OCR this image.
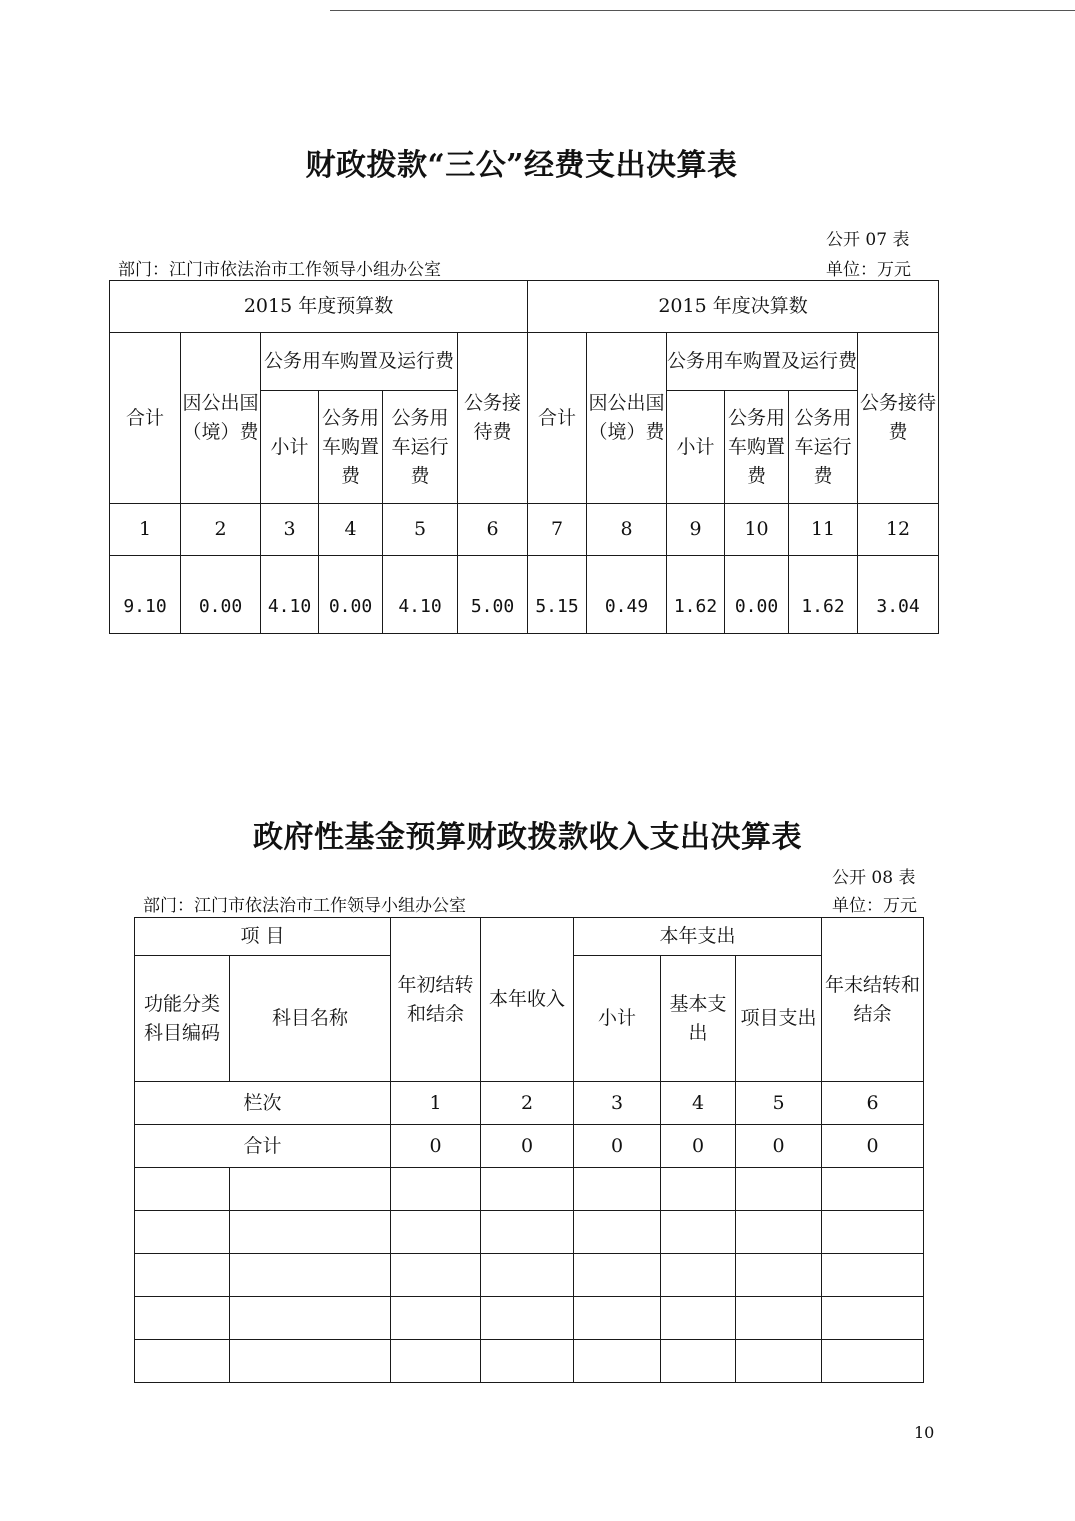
财政拨款“三公”经费支出决算表
公开 07 表
部门：江门市依法治市工作领导小组办公室	单位：万元
2015 年度预算数						2015 年度决算数					
合计	因公出国（境）费	公务用车购置及运行费			公务接待费	合计	因公出国（境）费	公务用车购置及运行费			公务接待费
		小计	公务用车购置费	公务用车运行费				小计	公务用车购置费	公务用车运行费	
1	2	3	4	5	6	7	8	9	10	11	12
9.10	0.00	4.10	0.00	4.10	5.00	5.15	0.49	1.62	0.00	1.62	3.04
政府性基金预算财政拨款收入支出决算表
公开 08 表
部门：江门市依法治市工作领导小组办公室	单位：万元
项 目		年初结转和结余	本年收入	本年支出			年末结转和结余
功能分类科目编码	科目名称			小计	基本支出	项目支出	
栏次		1	2	3	4	5	6
合计		0	0	0	0	0	0

10
